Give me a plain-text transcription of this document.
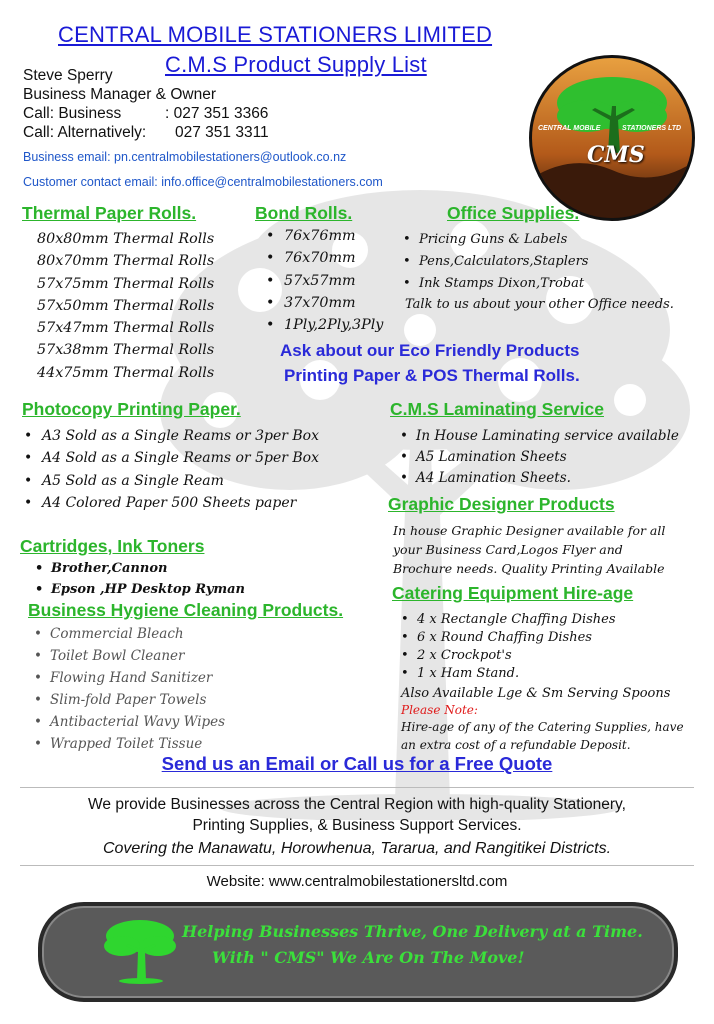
CENTRAL MOBILE STATIONERS LIMITED
C.M.S Product Supply List
Steve Sperry
Business Manager & Owner
Call: Business	: 027 351 3366
Call: Alternatively: 027 351 3311
Business email: pn.centralmobilestationers@outlook.co.nz
Customer contact email: info.office@centralmobilestationers.com
CENTRAL MOBILE	STATIONERS LTD
CMS
Thermal Paper Rolls.
80x80mm Thermal Rolls
80x70mm Thermal Rolls
57x75mm Thermal Rolls
57x50mm Thermal Rolls
57x47mm Thermal Rolls
57x38mm Thermal Rolls
44x75mm Thermal Rolls
Bond Rolls.
• 76x76mm
• 76x70mm
• 57x57mm
• 37x70mm
• 1Ply,2Ply,3Ply
Office Supplies.
• Pricing Guns & Labels
• Pens,Calculators,Staplers
• Ink Stamps Dixon,Trobat
Talk to us about your other Office needs.
Ask about our Eco Friendly Products
Printing Paper & POS Thermal Rolls.
Photocopy Printing Paper.
• A3 Sold as a Single Reams or 3per Box
• A4 Sold as a Single Reams or 5per Box
• A5 Sold as a Single Ream
• A4 Colored Paper 500 Sheets paper
C.M.S Laminating Service
• In House Laminating service available
• A5 Lamination Sheets
• A4 Lamination Sheets.
Graphic Designer Products
In house Graphic Designer available for all
your Business Card,Logos Flyer and
Brochure needs. Quality Printing Available
Cartridges, Ink Toners
• Brother,Cannon
• Epson ,HP Desktop Ryman	Catering Equipment Hire-age
• 4 x Rectangle Chaffing Dishes
• 6 x Round Chaffing Dishes
• 2 x Crockpot's
• 1 x Ham Stand.
Also Available Lge & Sm Serving Spoons
Please Note:
Hire-age of any of the Catering Supplies, have
an extra cost of a refundable Deposit.
Business Hygiene Cleaning Products.
• Commercial Bleach
• Toilet Bowl Cleaner
• Flowing Hand Sanitizer
• Slim-fold Paper Towels
• Antibacterial Wavy Wipes
• Wrapped Toilet Tissue
Send us an Email or Call us for a Free Quote
We provide Businesses across the Central Region with high-quality Stationery,
Printing Supplies, & Business Support Services.
Covering the Manawatu, Horowhenua, Tararua, and Rangitikei Districts.
Website: www.centralmobilestationersltd.com
Helping Businesses Thrive, One Delivery at a Time.
With " CMS" We Are On The Move!
